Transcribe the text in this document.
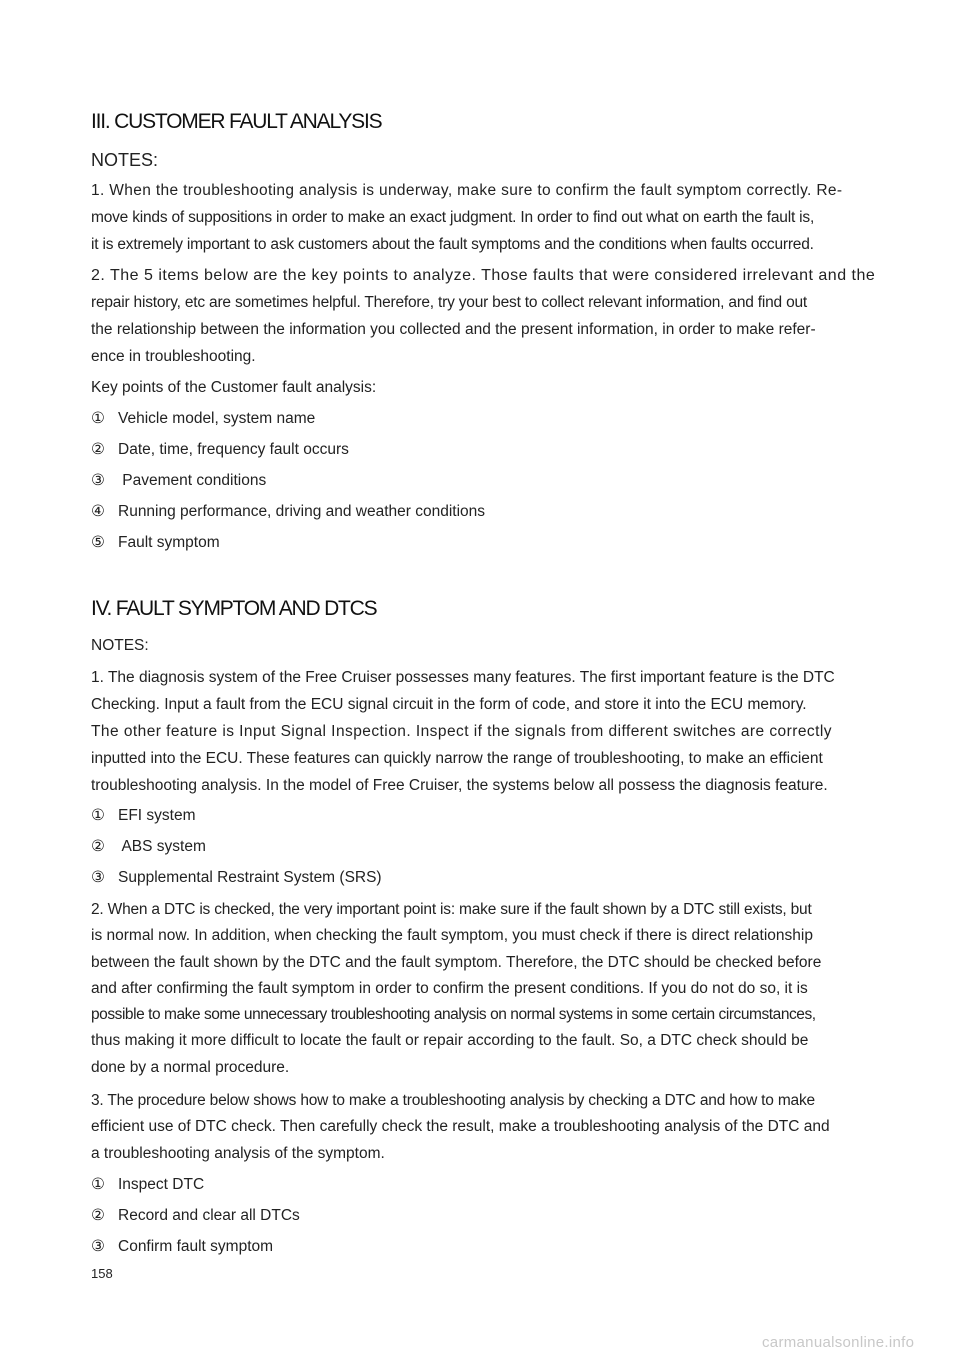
III. CUSTOMER FAULT ANALYSIS
NOTES:
1. When the troubleshooting analysis is underway, make sure to confirm the fault symptom correctly. Re-
move kinds of suppositions in order to make an exact judgment. In order to find out what on earth the fault is,
it is extremely important to ask customers about the fault symptoms and the conditions when faults occurred.
2. The 5 items below are the key points to analyze. Those faults that were considered irrelevant and the
repair history, etc are sometimes helpful. Therefore, try your best to collect relevant information, and find out
the relationship between the information you collected and the present information, in order to make refer-
ence in troubleshooting.
Key points of the Customer fault analysis:
① Vehicle model, system name
② Date, time, frequency fault occurs
③ Pavement conditions
④ Running performance, driving and weather conditions
⑤ Fault symptom
IV. FAULT SYMPTOM AND DTCS
NOTES:
1. The diagnosis system of the Free Cruiser possesses many features. The first important feature is the DTC
Checking. Input a fault from the ECU signal circuit in the form of code, and store it into the ECU memory.
The other feature is Input Signal Inspection. Inspect if the signals from different switches are correctly
inputted into the ECU. These features can quickly narrow the range of troubleshooting, to make an efficient
troubleshooting analysis. In the model of Free Cruiser, the systems below all possess the diagnosis feature.
① EFI system
② ABS system
③ Supplemental Restraint System (SRS)
2. When a DTC is checked, the very important point is: make sure if the fault shown by a DTC still exists, but
is normal now. In addition, when checking the fault symptom, you must check if there is direct relationship
between the fault shown by the DTC and the fault symptom. Therefore, the DTC should be checked before
and after confirming the fault symptom in order to confirm the present conditions. If you do not do so, it is
possible to make some unnecessary troubleshooting analysis on normal systems in some certain circumstances,
thus making it more difficult to locate the fault or repair according to the fault. So, a DTC check should be
done by a normal procedure.
3. The procedure below shows how to make a troubleshooting analysis by checking a DTC and how to make
efficient use of DTC check. Then carefully check the result, make a troubleshooting analysis of the DTC and
a troubleshooting analysis of the symptom.
① Inspect DTC
② Record and clear all DTCs
③ Confirm fault symptom
158
carmanualsonline.info
